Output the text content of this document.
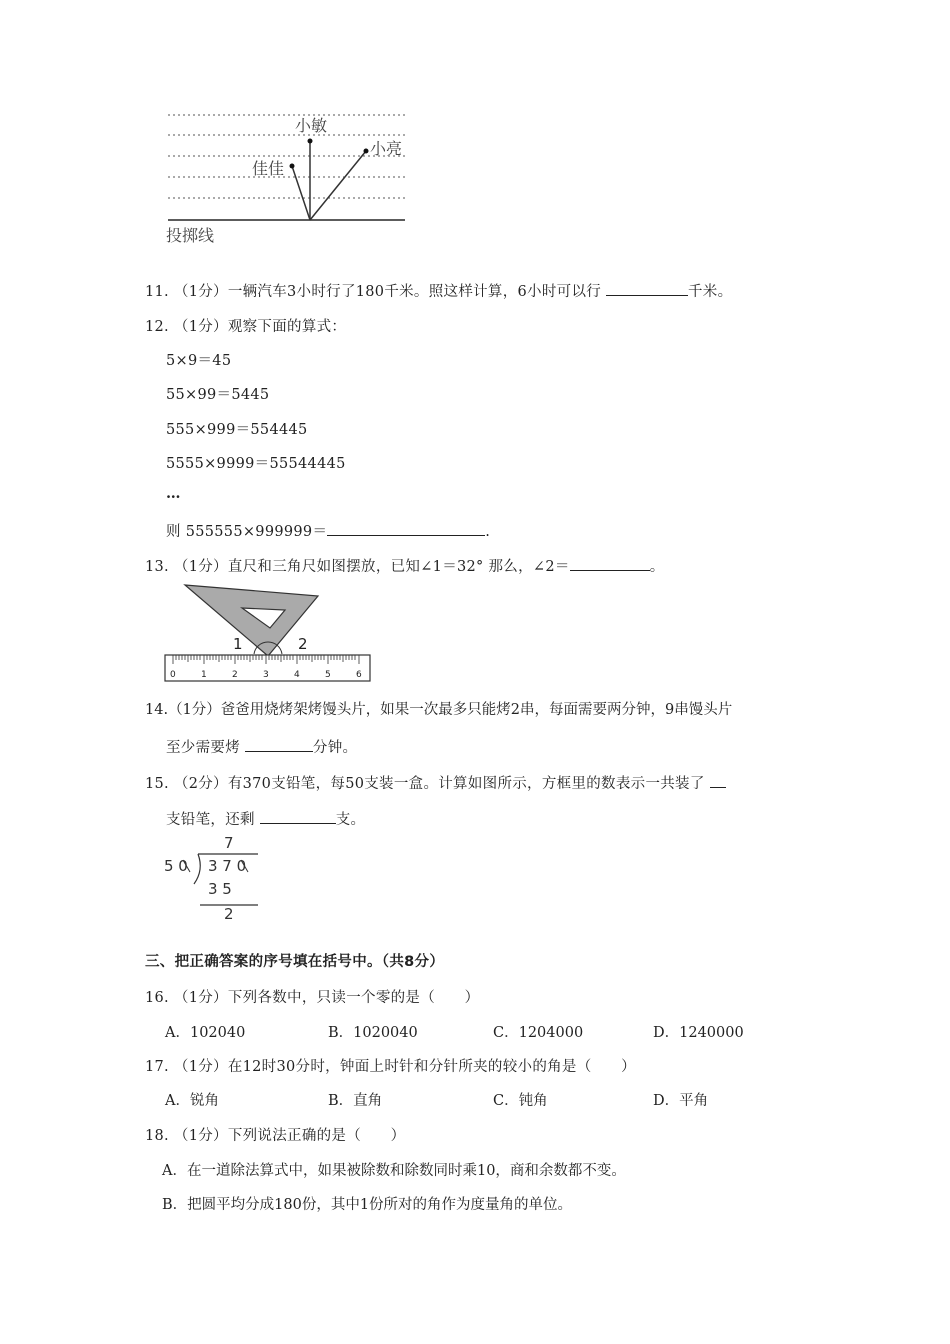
小敏
小亮
佳佳
投掷线
11. （1分）一辆汽车3小时行了180千米。照这样计算，6小时可以行	千米。
12. （1分）观察下面的算式：
5×9＝45
55×99＝5445
555×999＝554445
5555×9999＝55544445
…
则 555555×999999＝	.
13. （1分）直尺和三角尺如图摆放，已知∠1＝32° 那么，∠2＝	。
1	2
0	1	2	3	4	5	6
14.（1分）爸爸用烧烤架烤馒头片，如果一次最多只能烤2串，每面需要两分钟，9串馒头片
至少需要烤	分钟。
15. （2分）有370支铅笔，每50支装一盒。计算如图所示，方框里的数表示一共装了
支铅笔，还剩	支。
7
5 0 3 7 0
3 5
2
三、把正确答案的序号填在括号中。（共8分）
16. （1分）下列各数中，只读一个零的是（　　）
A．102040	B．1020040	C．1204000	D．1240000
17. （1分）在12时30分时，钟面上时针和分针所夹的较小的角是（　　）
A．锐角	B．直角	C．钝角	D．平角
18. （1分）下列说法正确的是（　　）
A．在一道除法算式中，如果被除数和除数同时乘10，商和余数都不变。
B．把圆平均分成180份，其中1份所对的角作为度量角的单位。
